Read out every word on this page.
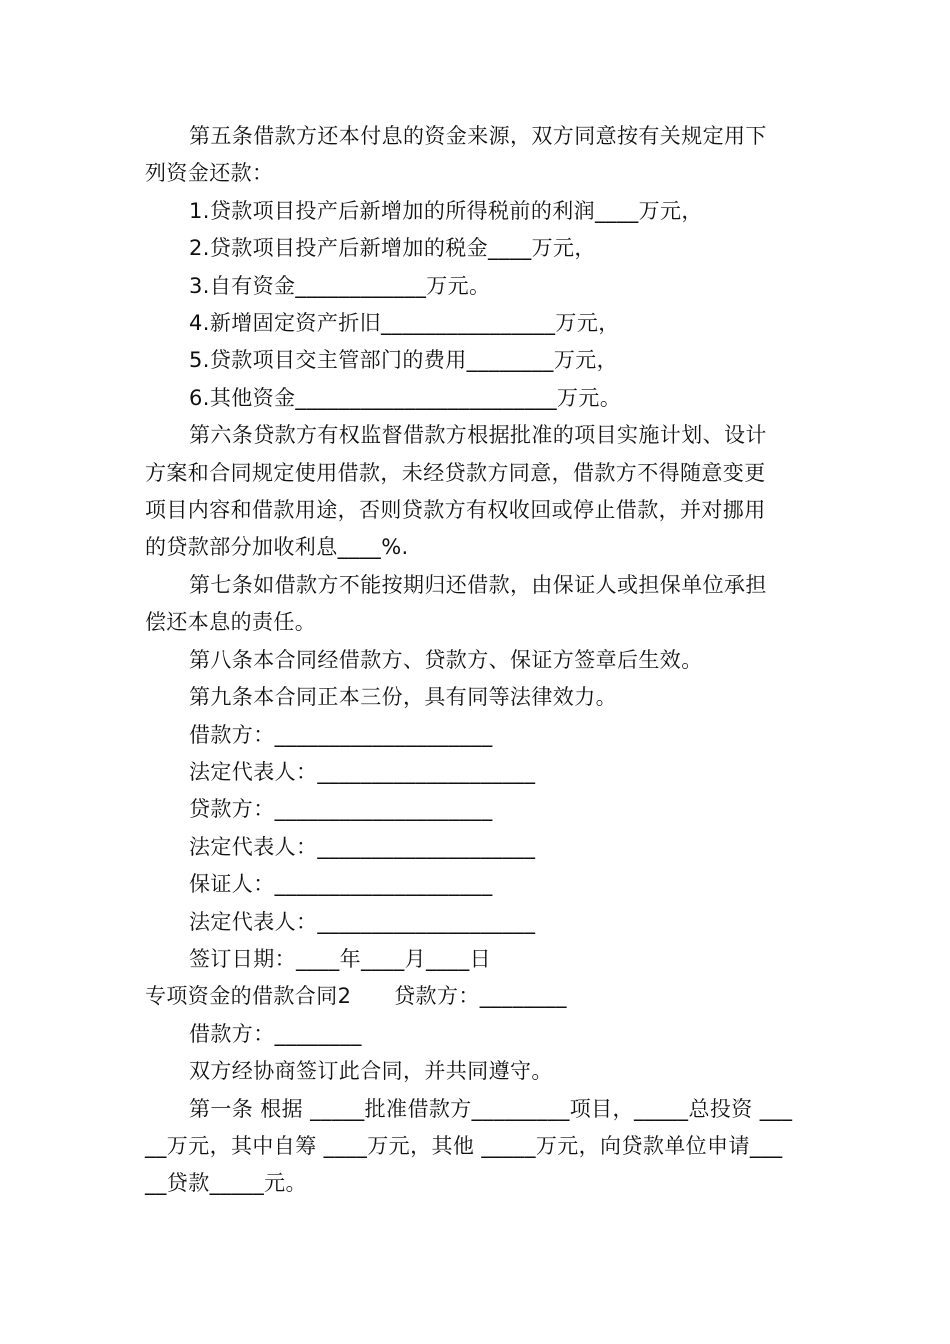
第五条借款方还本付息的资金来源，双方同意按有关规定用下

列资金还款：

1.贷款项目投产后新增加的所得税前的利润____万元，

2.贷款项目投产后新增加的税金____万元，

3.自有资金____________万元。

4.新增固定资产折旧________________万元，

5.贷款项目交主管部门的费用________万元，

6.其他资金________________________万元。

第六条贷款方有权监督借款方根据批准的项目实施计划、设计

方案和合同规定使用借款，未经贷款方同意，借款方不得随意变更

项目内容和借款用途，否则贷款方有权收回或停止借款，并对挪用

的贷款部分加收利息____%.

第七条如借款方不能按期归还借款，由保证人或担保单位承担

偿还本息的责任。

第八条本合同经借款方、贷款方、保证方签章后生效。

第九条本合同正本三份，具有同等法律效力。

借款方：____________________

法定代表人：____________________

贷款方：____________________

法定代表人：____________________

保证人：____________________

法定代表人：____________________

签订日期：____年____月____日

专项资金的借款合同2　　贷款方：________

借款方：________

双方经协商签订此合同，并共同遵守。

第一条 根据 _____批准借款方_________项目，_____总投资 ___

__万元，其中自筹 ____万元，其他 _____万元，向贷款单位申请___

__贷款_____元。
